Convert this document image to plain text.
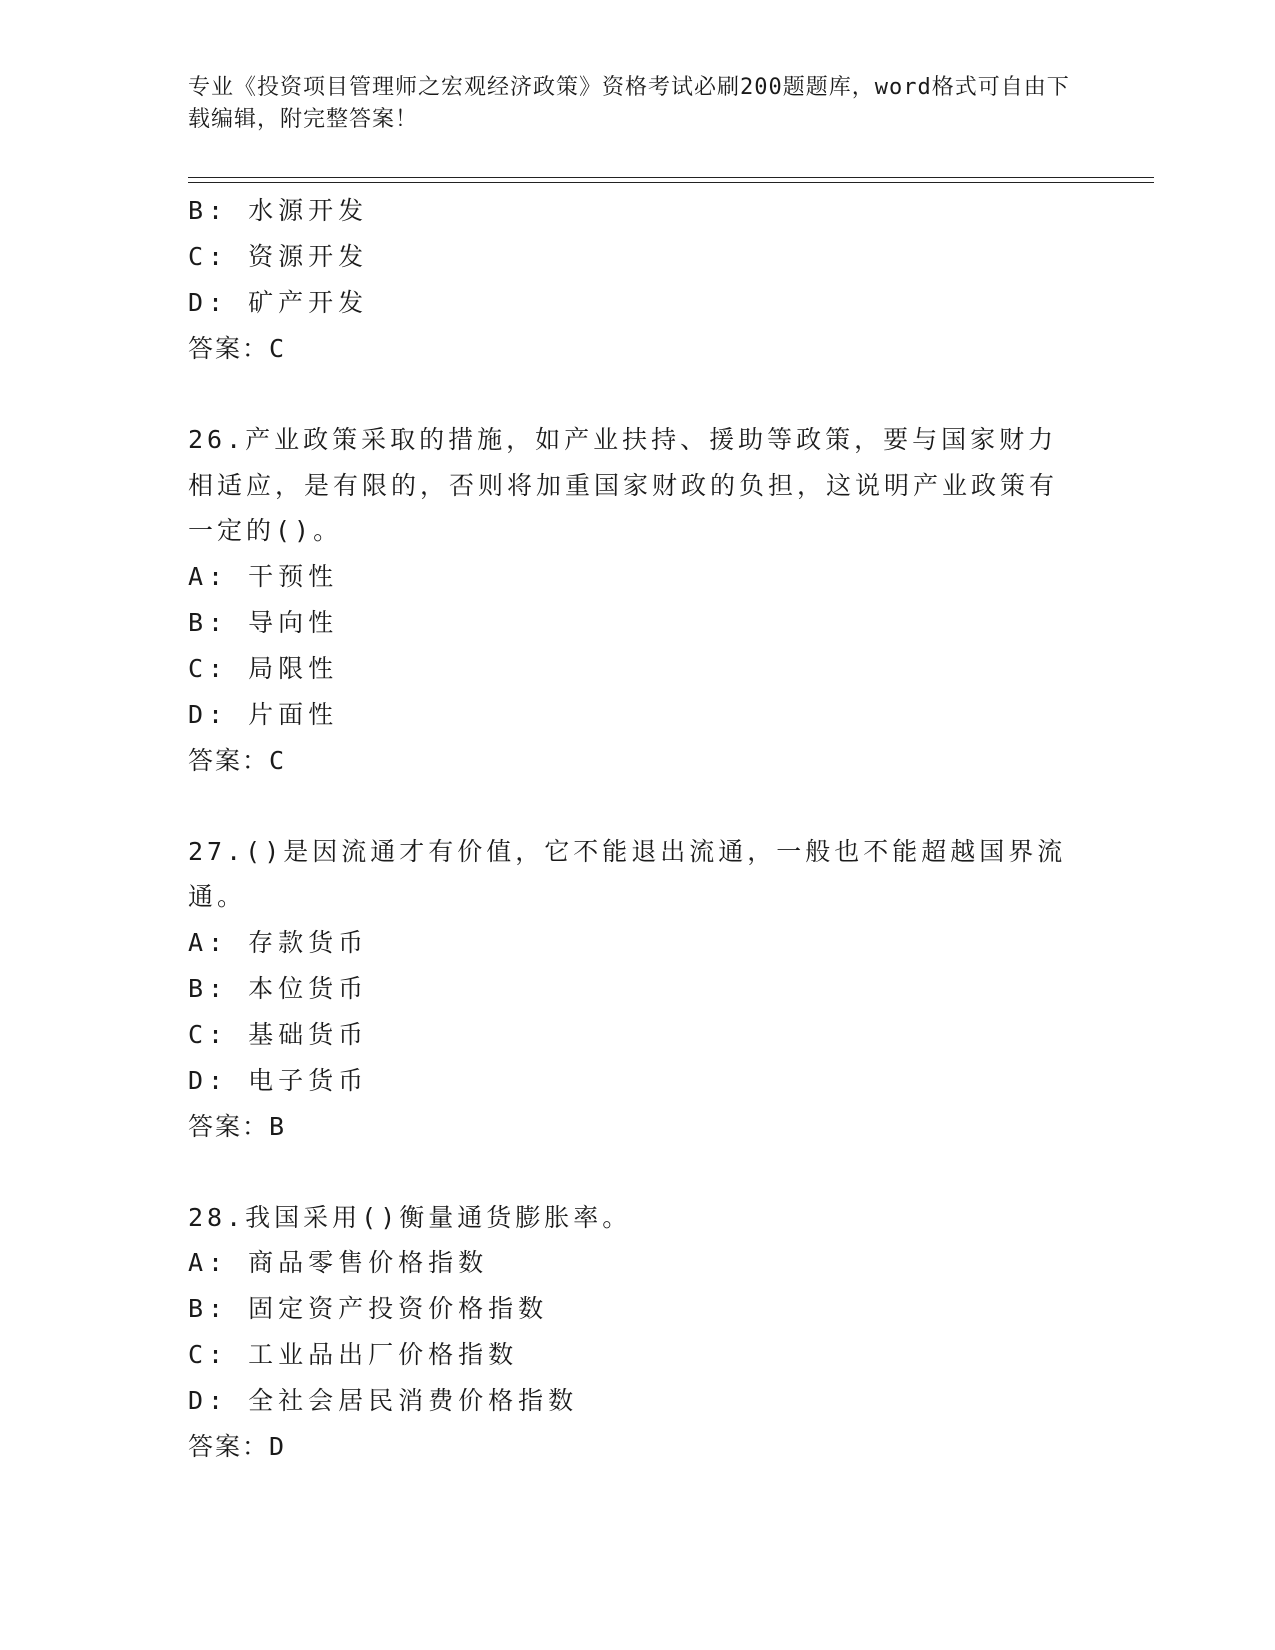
专业《投资项目管理师之宏观经济政策》资格考试必刷200题题库，word格式可自由下载编辑，附完整答案！
B: 水源开发
C: 资源开发
D: 矿产开发
答案：C
26.产业政策采取的措施，如产业扶持、援助等政策，要与国家财力相适应，是有限的，否则将加重国家财政的负担，这说明产业政策有一定的()。
A: 干预性
B: 导向性
C: 局限性
D: 片面性
答案：C
27.()是因流通才有价值，它不能退出流通，一般也不能超越国界流通。
A: 存款货币
B: 本位货币
C: 基础货币
D: 电子货币
答案：B
28.我国采用()衡量通货膨胀率。
A: 商品零售价格指数
B: 固定资产投资价格指数
C: 工业品出厂价格指数
D: 全社会居民消费价格指数
答案：D
